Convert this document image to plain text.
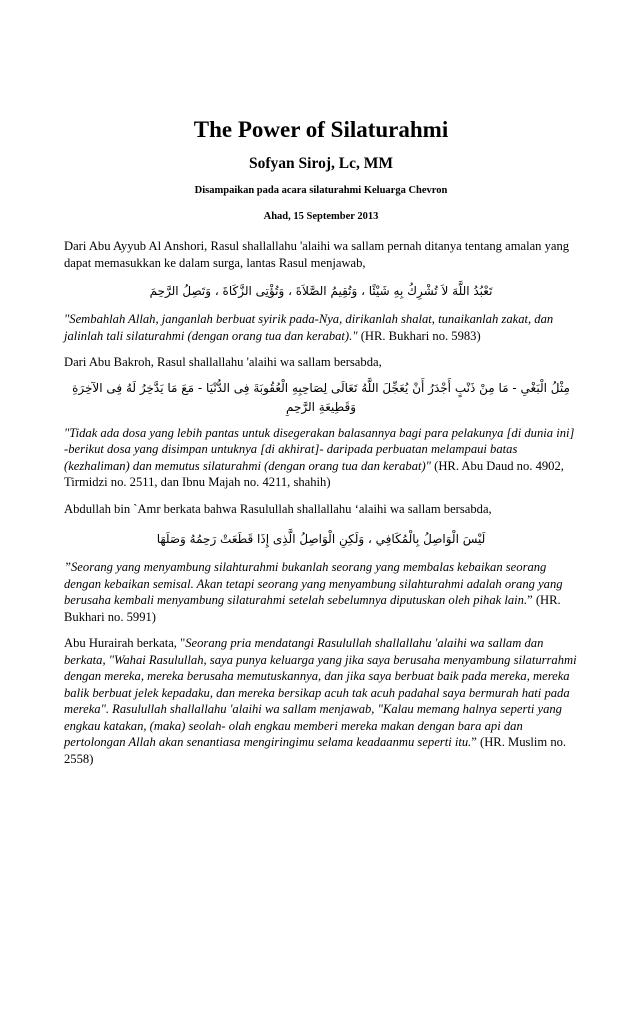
The Power of Silaturahmi
Sofyan Siroj, Lc, MM
Disampaikan pada acara silaturahmi Keluarga Chevron
Ahad, 15 September 2013

Dari Abu Ayyub Al Anshori, Rasul shallallahu 'alaihi wa sallam pernah ditanya tentang amalan yang dapat memasukkan ke dalam surga, lantas Rasul menjawab,

تَعْبُدُ اللَّهَ لاَ تُشْرِكُ بِهِ شَيْئًا ، وَتُقِيمُ الصَّلاَةَ ، وَتُؤْتِى الزَّكَاةَ ، وَتَصِلُ الرَّحِمَ

"Sembahlah Allah, janganlah berbuat syirik pada-Nya, dirikanlah shalat, tunaikanlah zakat, dan jalinlah tali silaturahmi (dengan orang tua dan kerabat)." (HR. Bukhari no. 5983)

Dari Abu Bakroh, Rasul shallallahu 'alaihi wa sallam bersabda,

مِثْلُ الْبَغْىِ - مَا مِنْ ذَنْبٍ أَجْدَرُ أَنْ يُعَجِّلَ اللَّهُ تَعَالَى لِصَاحِبِهِ الْعُقُوبَةَ فِى الدُّنْيَا - مَعَ مَا يَدَّخِرُ لَهُ فِى الآخِرَةِ
وَقَطِيعَةِ الرَّحِمِ

"Tidak ada dosa yang lebih pantas untuk disegerakan balasannya bagi para pelakunya [di dunia ini] -berikut dosa yang disimpan untuknya [di akhirat]- daripada perbuatan melampaui batas (kezhaliman) dan memutus silaturahmi (dengan orang tua dan kerabat)" (HR. Abu Daud no. 4902, Tirmidzi no. 2511, dan Ibnu Majah no. 4211, shahih)

Abdullah bin `Amr berkata bahwa Rasulullah shallallahu ‘alaihi wa sallam bersabda,

لَيْسَ الْوَاصِلُ بِالْمُكَافِي ، وَلَكِنِ الْوَاصِلُ الَّذِى إِذَا قَطَعَتْ رَحِمُهُ وَصَلَهَا

”Seorang yang menyambung silahturahmi bukanlah seorang yang membalas kebaikan seorang dengan kebaikan semisal. Akan tetapi seorang yang menyambung silahturahmi adalah orang yang berusaha kembali menyambung silaturahmi setelah sebelumnya diputuskan oleh pihak lain.” (HR. Bukhari no. 5991)

Abu Hurairah berkata, "Seorang pria mendatangi Rasulullah shallallahu 'alaihi wa sallam dan berkata, "Wahai Rasulullah, saya punya keluarga yang jika saya berusaha menyambung silaturrahmi dengan mereka, mereka berusaha memutuskannya, dan jika saya berbuat baik pada mereka, mereka balik berbuat jelek kepadaku, dan mereka bersikap acuh tak acuh padahal saya bermurah hati pada mereka". Rasulullah shallallahu 'alaihi wa sallam menjawab, "Kalau memang halnya seperti yang engkau katakan, (maka) seolah- olah engkau memberi mereka makan dengan bara api dan pertolongan Allah akan senantiasa mengiringimu selama keadaanmu seperti itu.” (HR. Muslim no. 2558)
